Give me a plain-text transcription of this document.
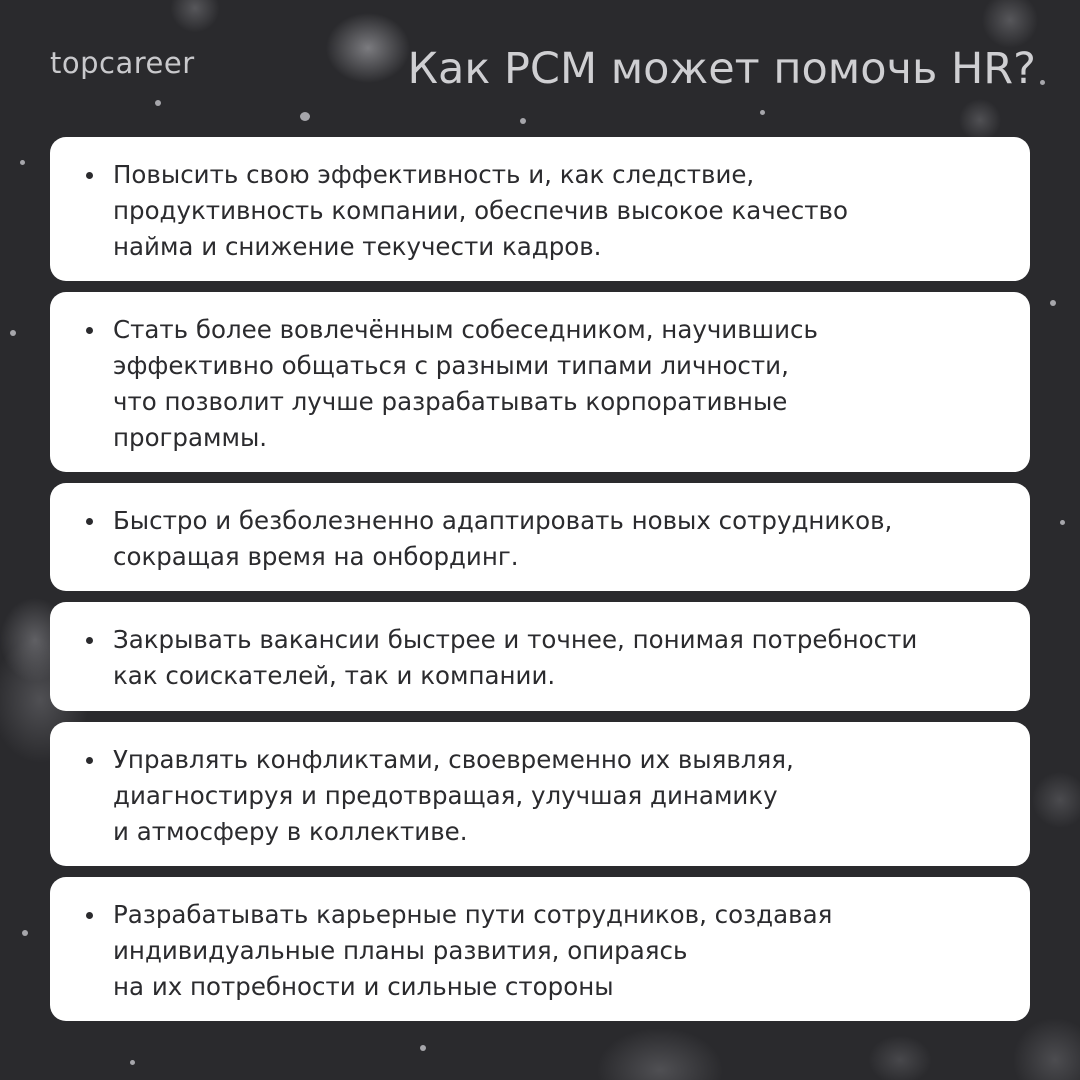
topcareer	Как PCM может помочь HR?
Повысить свою эффективность и, как следствие,
продуктивность компании, обеспечив высокое качество
найма и снижение текучести кадров.
Стать более вовлечённым собеседником, научившись
эффективно общаться с разными типами личности,
что позволит лучше разрабатывать корпоративные
программы.
Быстро и безболезненно адаптировать новых сотрудников,
сокращая время на онбординг.
Закрывать вакансии быстрее и точнее, понимая потребности
как соискателей, так и компании.
Управлять конфликтами, своевременно их выявляя,
диагностируя и предотвращая, улучшая динамику
и атмосферу в коллективе.
Разрабатывать карьерные пути сотрудников, создавая
индивидуальные планы развития, опираясь
на их потребности и сильные стороны
